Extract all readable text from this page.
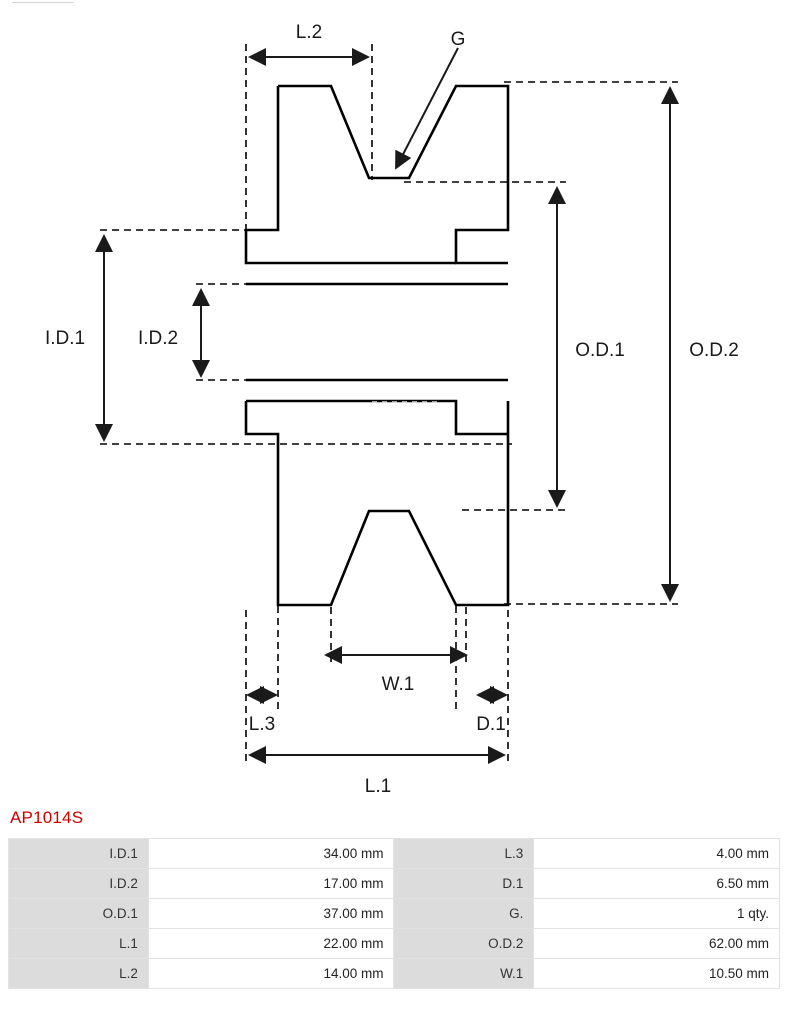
L.2	G
I.D.1	I.D.2
O.D.1	O.D.2
W.1
L.3	D.1
L.1
AP1014S
I.D.1	34.00 mm	L.3	4.00 mm
I.D.2	17.00 mm	D.1	6.50 mm
O.D.1	37.00 mm	G.	1 qty.
L.1	22.00 mm	O.D.2	62.00 mm
L.2	14.00 mm	W.1	10.50 mm
